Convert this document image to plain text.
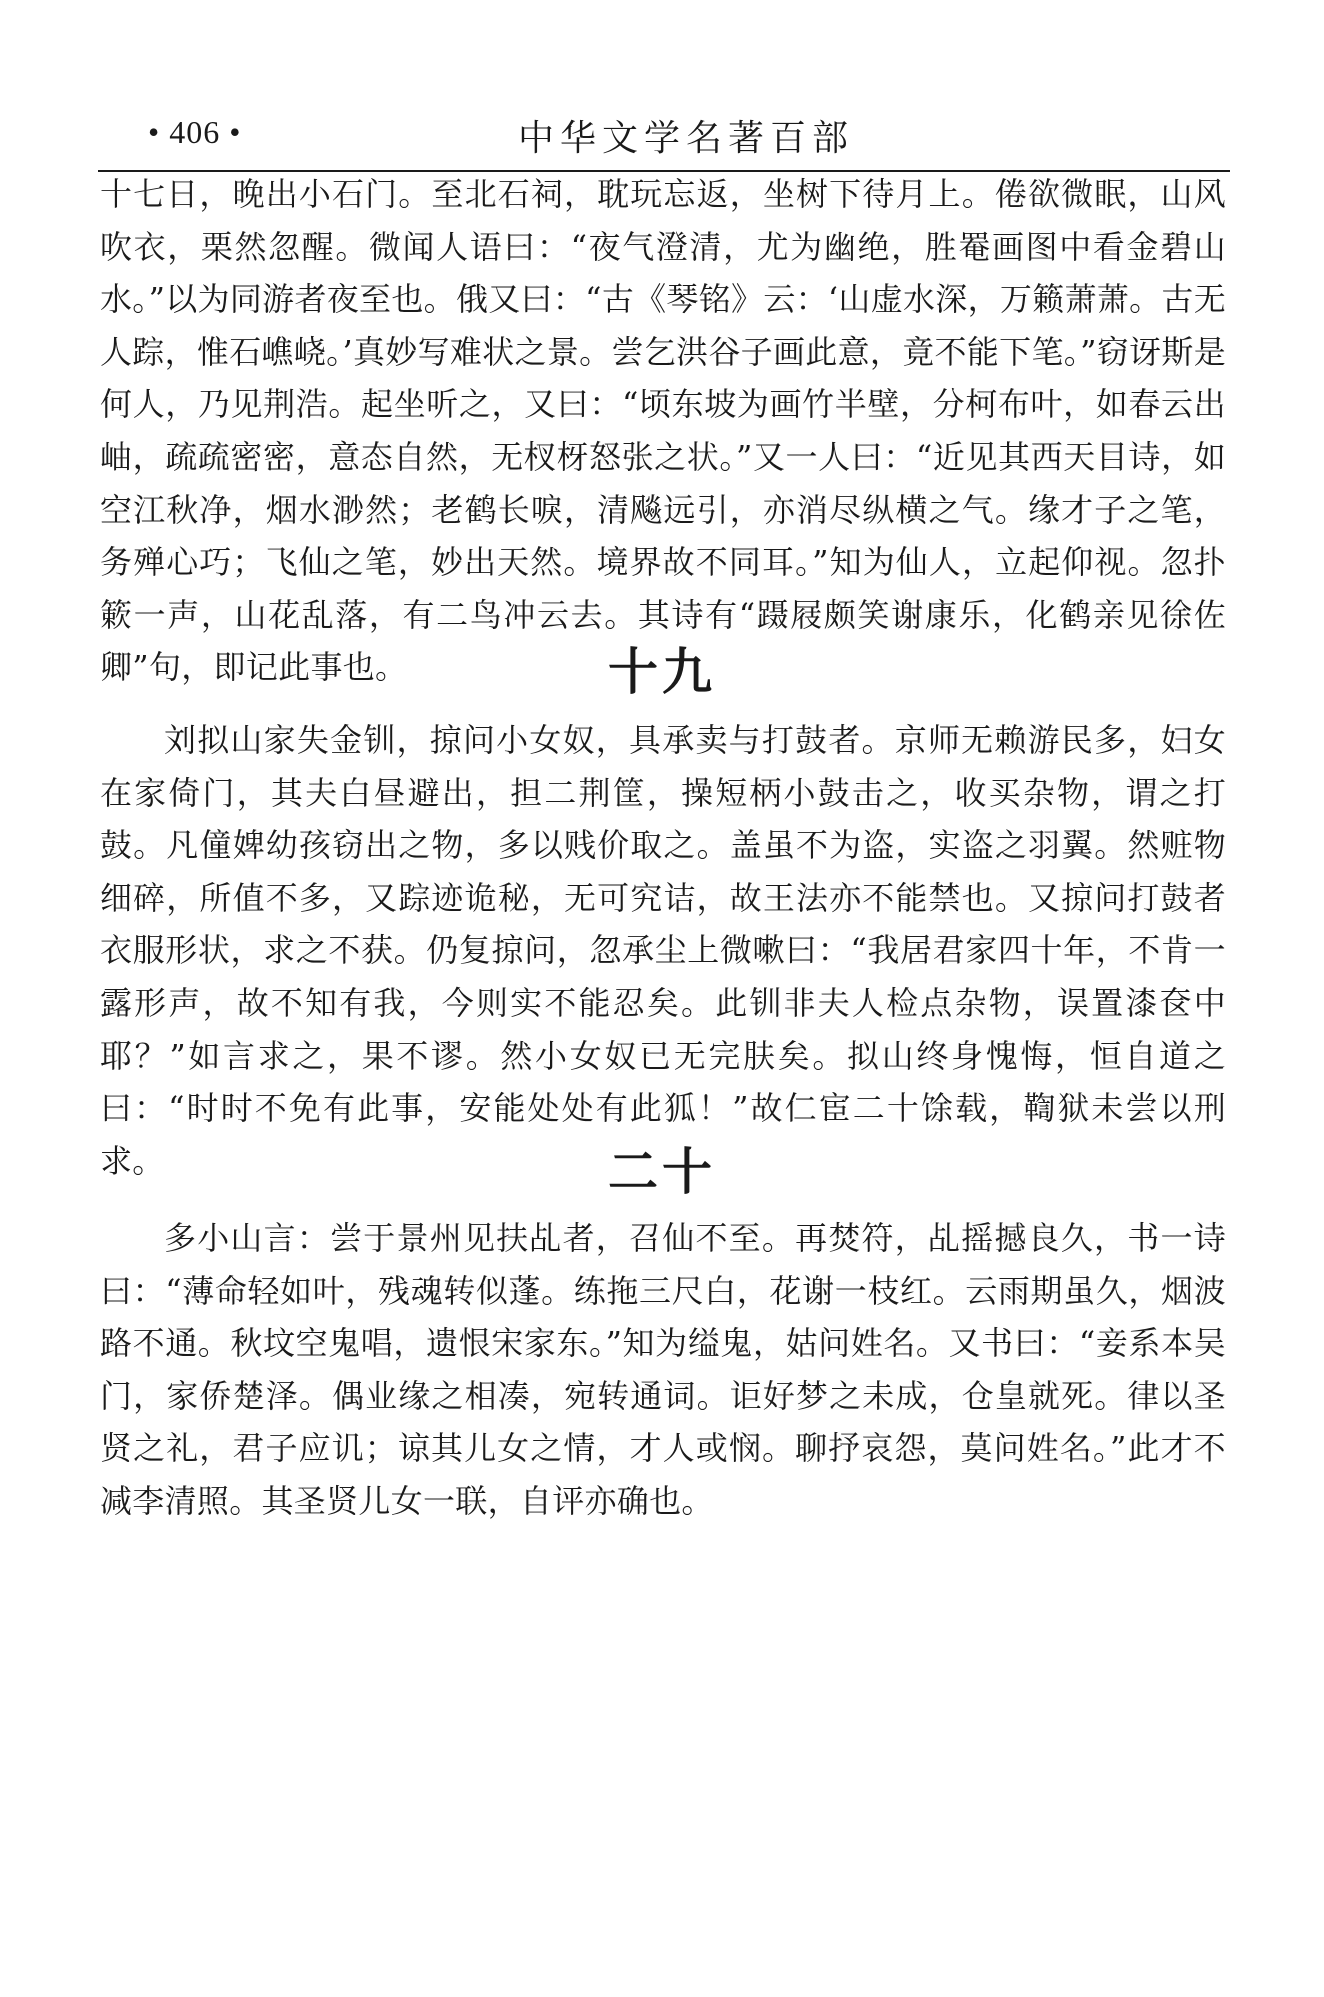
• 406 •	中华文学名著百部

十七日，晚出小石门。至北石祠，耽玩忘返，坐树下待月上。倦欲微眠，山风吹衣，栗然忽醒。微闻人语曰：“夜气澄清，尤为幽绝，胜罨画图中看金碧山水。”以为同游者夜至也。俄又曰：“古《琴铭》云：‘山虚水深，万籁萧萧。古无人踪，惟石嶕峣。’真妙写难状之景。尝乞洪谷子画此意，竟不能下笔。”窃讶斯是何人，乃见荆浩。起坐听之，又曰：“顷东坡为画竹半壁，分柯布叶，如春云出岫，疏疏密密，意态自然，无杈枒怒张之状。”又一人曰：“近见其西天目诗，如空江秋净，烟水渺然；老鹤长唳，清飚远引，亦消尽纵横之气。缘才子之笔，务殚心巧；飞仙之笔，妙出天然。境界故不同耳。”知为仙人，立起仰视。忽扑簌一声，山花乱落，有二鸟冲云去。其诗有“蹑屐颇笑谢康乐，化鹤亲见徐佐卿”句，即记此事也。	十九

刘拟山家失金钏，掠问小女奴，具承卖与打鼓者。京师无赖游民多，妇女在家倚门，其夫白昼避出，担二荆筐，操短柄小鼓击之，收买杂物，谓之打鼓。凡僮婢幼孩窃出之物，多以贱价取之。盖虽不为盗，实盗之羽翼。然赃物细碎，所值不多，又踪迹诡秘，无可究诘，故王法亦不能禁也。又掠问打鼓者衣服形状，求之不获。仍复掠问，忽承尘上微嗽曰：“我居君家四十年，不肯一露形声，故不知有我，今则实不能忍矣。此钏非夫人检点杂物，误置漆奁中耶？”如言求之，果不谬。然小女奴已无完肤矣。拟山终身愧悔，恒自道之曰：“时时不免有此事，安能处处有此狐！”故仁宦二十馀载，鞫狱未尝以刑求。	二十

多小山言：尝于景州见扶乩者，召仙不至。再焚符，乩摇撼良久，书一诗曰：“薄命轻如叶，残魂转似蓬。练拖三尺白，花谢一枝红。云雨期虽久，烟波路不通。秋坟空鬼唱，遗恨宋家东。”知为缢鬼，姑问姓名。又书曰：“妾系本吴门，家侨楚泽。偶业缘之相凑，宛转通词。讵好梦之未成，仓皇就死。律以圣贤之礼，君子应讥；谅其儿女之情，才人或悯。聊抒哀怨，莫问姓名。”此才不减李清照。其圣贤儿女一联，自评亦确也。
